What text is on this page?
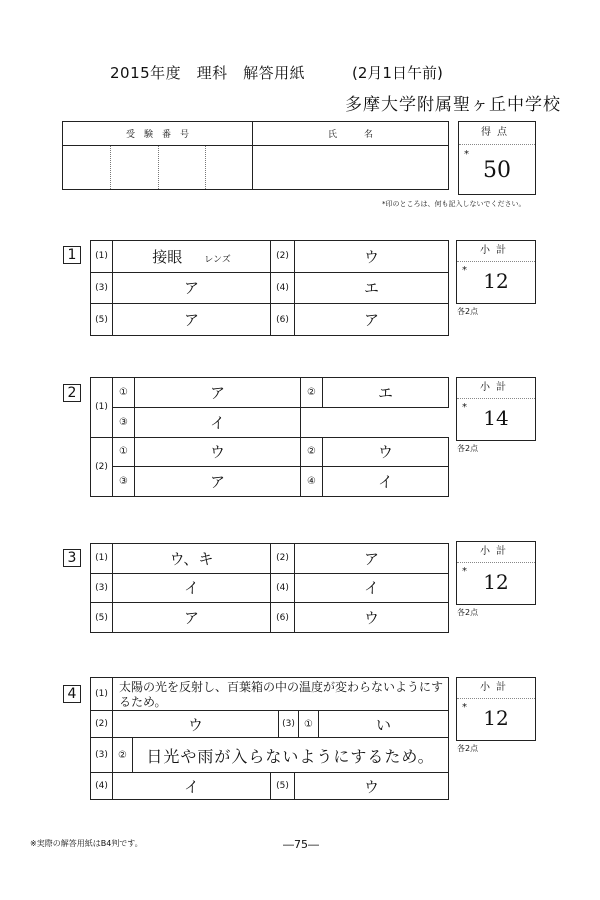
2015年度　理科　解答用紙	(2月1日午前)
多摩大学附属聖ヶ丘中学校
受　験　番　号	氏　　　名

		得点
*
50
*印のところは、何も記入しないでください。
1	(1)	接眼 レンズ	(2)	ウ
(3)	ア	(4)	エ
(5)	ア	(6)	ア
小計
* 12
各2点
2
(1)	①	ア	②	エ
	③	イ		
(2)	①	ウ	②	ウ
	③	ア	④	イ
小計
* 14
各2点
3	(1)	ウ、キ	(2)	ア
(3)	イ	(4)	イ
(5)	ア	(6)	ウ
小計
* 12
各2点
4	(1)	太陽の光を反射し、百葉箱の中の温度が変わらないようにするため。
(2)	ウ	(3)	①	い
(3)	②	日光や雨が入らないようにするため。
(4)	イ	(5)	ウ
小計
* 12
各2点
※実際の解答用紙はB4判です。	―75―
